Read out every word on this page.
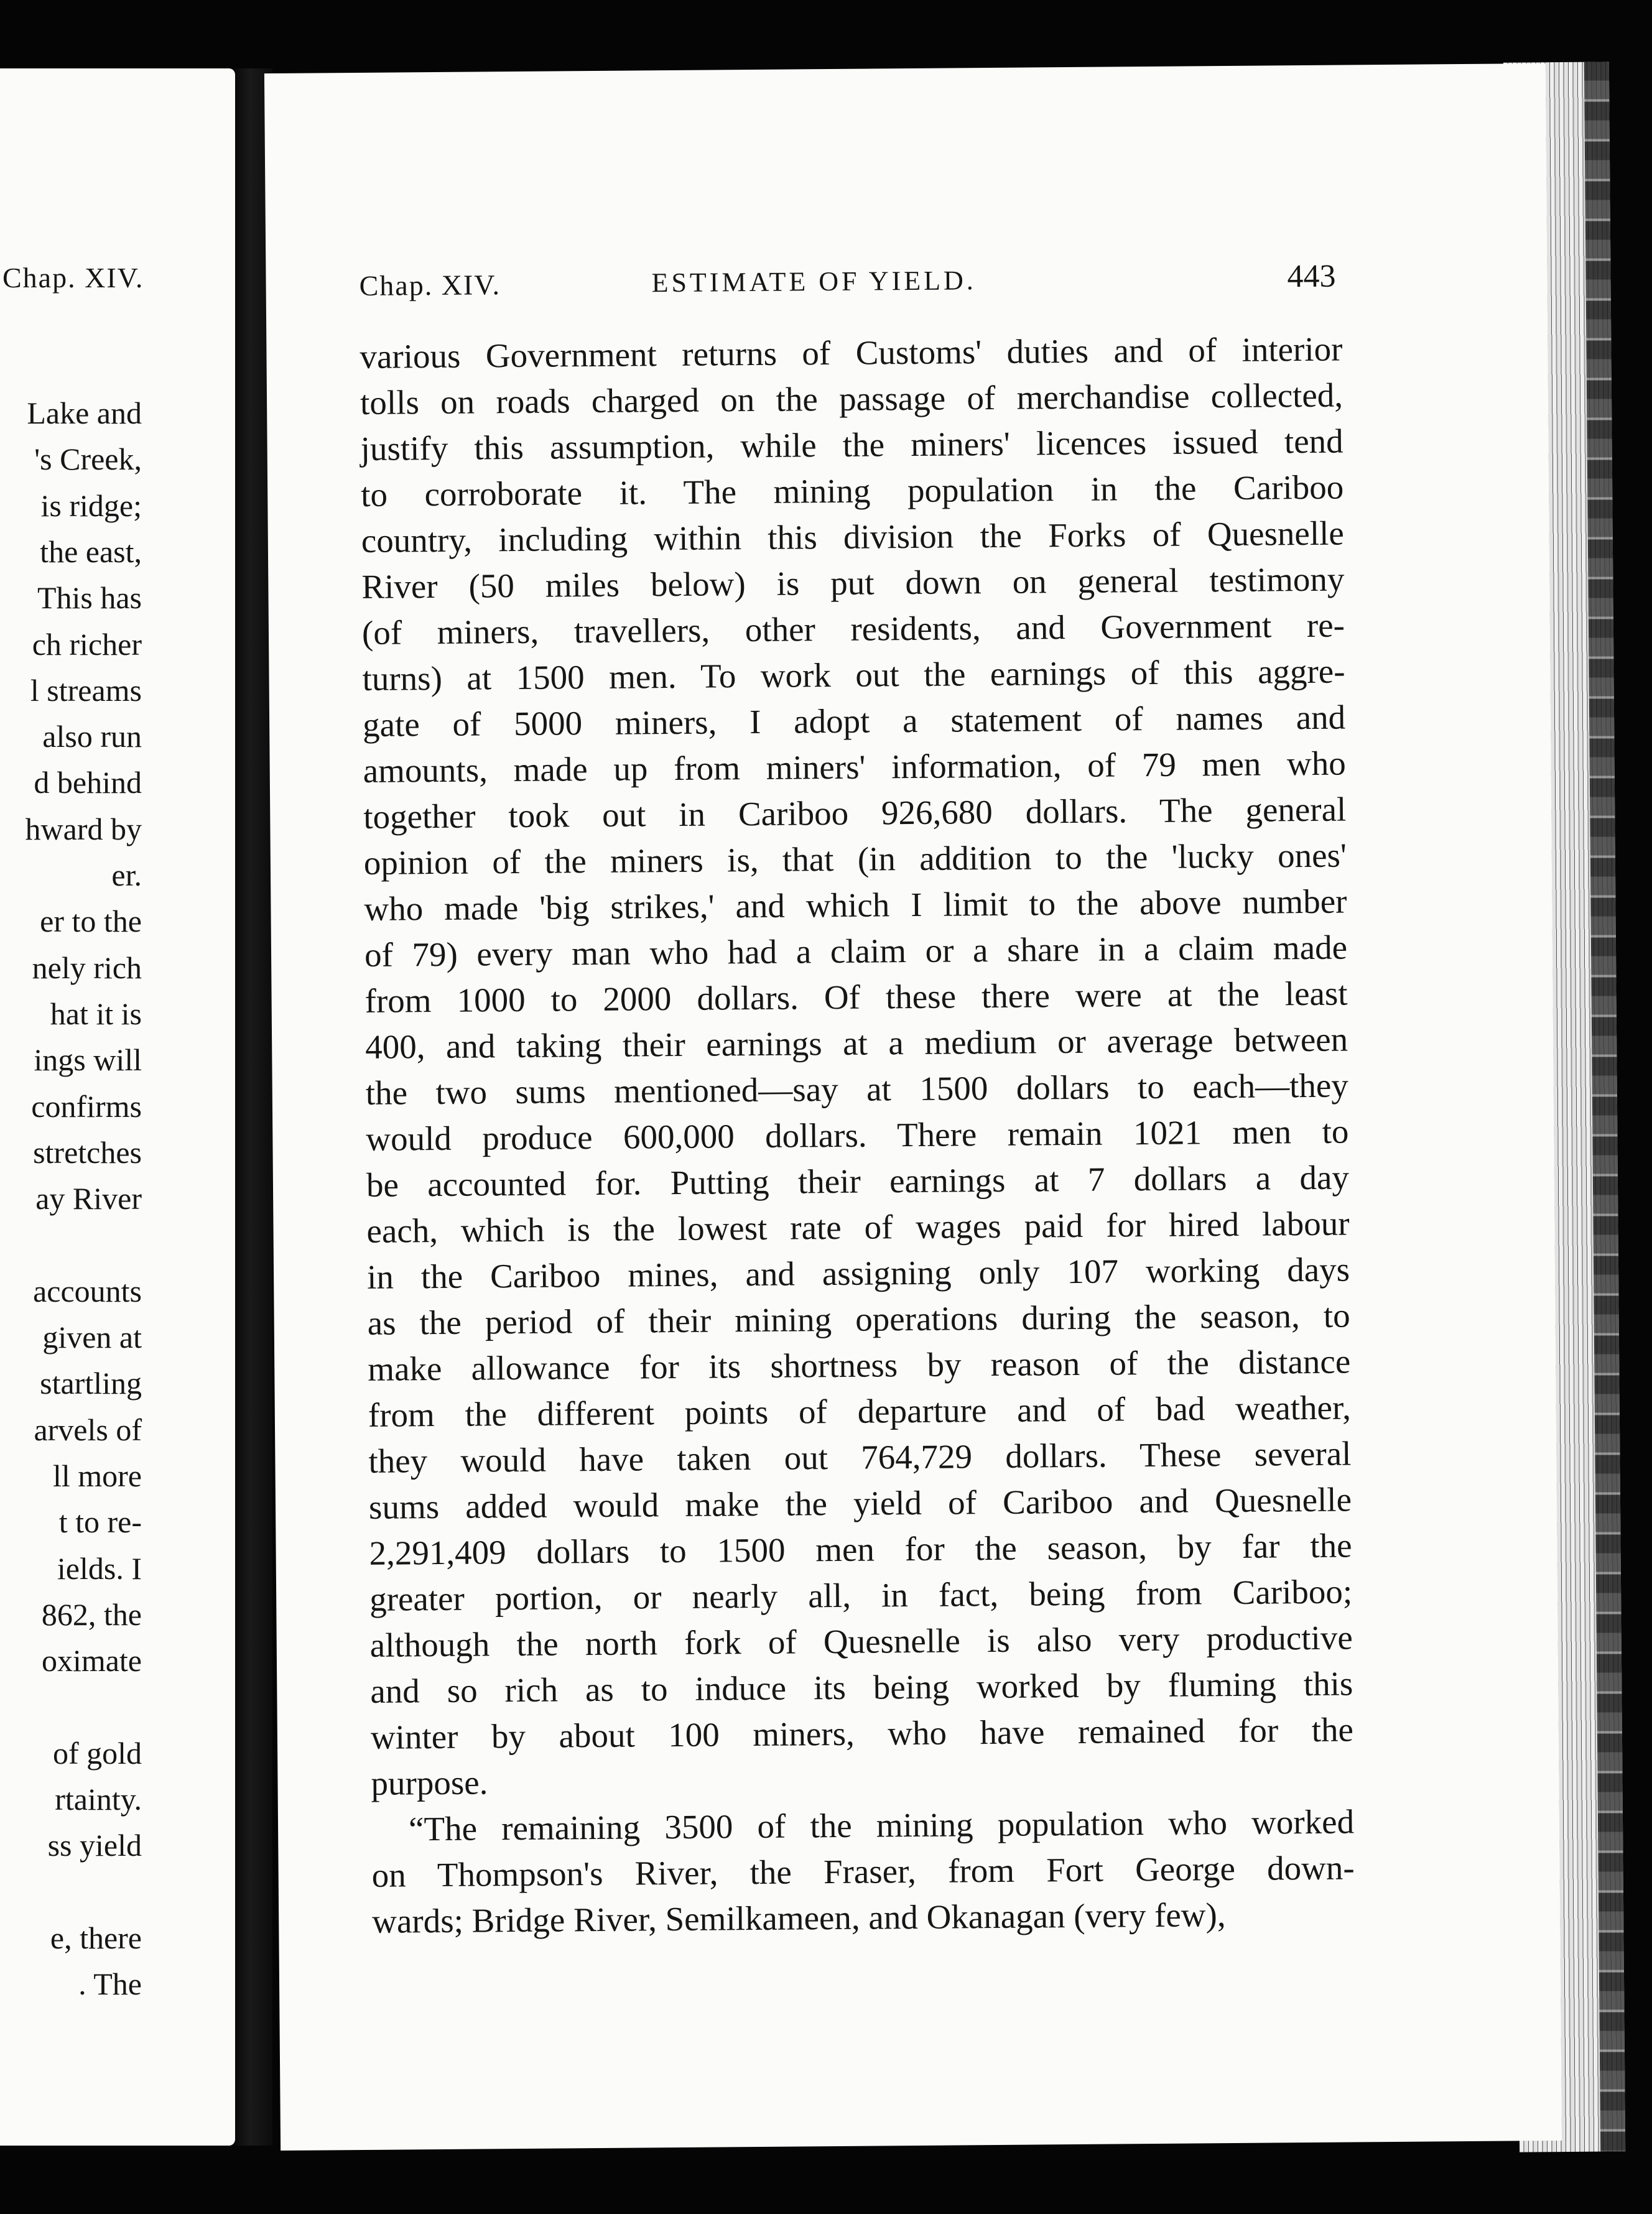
Chap. XIV.
Lake and
's Creek,
is ridge;
the east,
This has
ch richer
l streams
also run
d behind
hward by
er.
er to the
nely rich
hat it is
ings will
confirms
stretches
ay River
accounts
given at
startling
arvels of
ll more
t to re-
ields. I
862, the
oximate
of gold
rtainty.
ss yield
e, there
. The
Chap. XIV.	ESTIMATE OF YIELD.	443
various Government returns of Customs' duties and of interior
tolls on roads charged on the passage of merchandise collected,
justify this assumption, while the miners' licences issued tend
to corroborate it. The mining population in the Cariboo
country, including within this division the Forks of Quesnelle
River (50 miles below) is put down on general testimony
(of miners, travellers, other residents, and Government re-
turns) at 1500 men. To work out the earnings of this aggre-
gate of 5000 miners, I adopt a statement of names and
amounts, made up from miners' information, of 79 men who
together took out in Cariboo 926,680 dollars. The general
opinion of the miners is, that (in addition to the 'lucky ones'
who made 'big strikes,' and which I limit to the above number
of 79) every man who had a claim or a share in a claim made
from 1000 to 2000 dollars. Of these there were at the least
400, and taking their earnings at a medium or average between
the two sums mentioned—say at 1500 dollars to each—they
would produce 600,000 dollars. There remain 1021 men to
be accounted for. Putting their earnings at 7 dollars a day
each, which is the lowest rate of wages paid for hired labour
in the Cariboo mines, and assigning only 107 working days
as the period of their mining operations during the season, to
make allowance for its shortness by reason of the distance
from the different points of departure and of bad weather,
they would have taken out 764,729 dollars. These several
sums added would make the yield of Cariboo and Quesnelle
2,291,409 dollars to 1500 men for the season, by far the
greater portion, or nearly all, in fact, being from Cariboo;
although the north fork of Quesnelle is also very productive
and so rich as to induce its being worked by fluming this
winter by about 100 miners, who have remained for the
purpose.
“The remaining 3500 of the mining population who worked
on Thompson's River, the Fraser, from Fort George down-
wards; Bridge River, Semilkameen, and Okanagan (very few),
